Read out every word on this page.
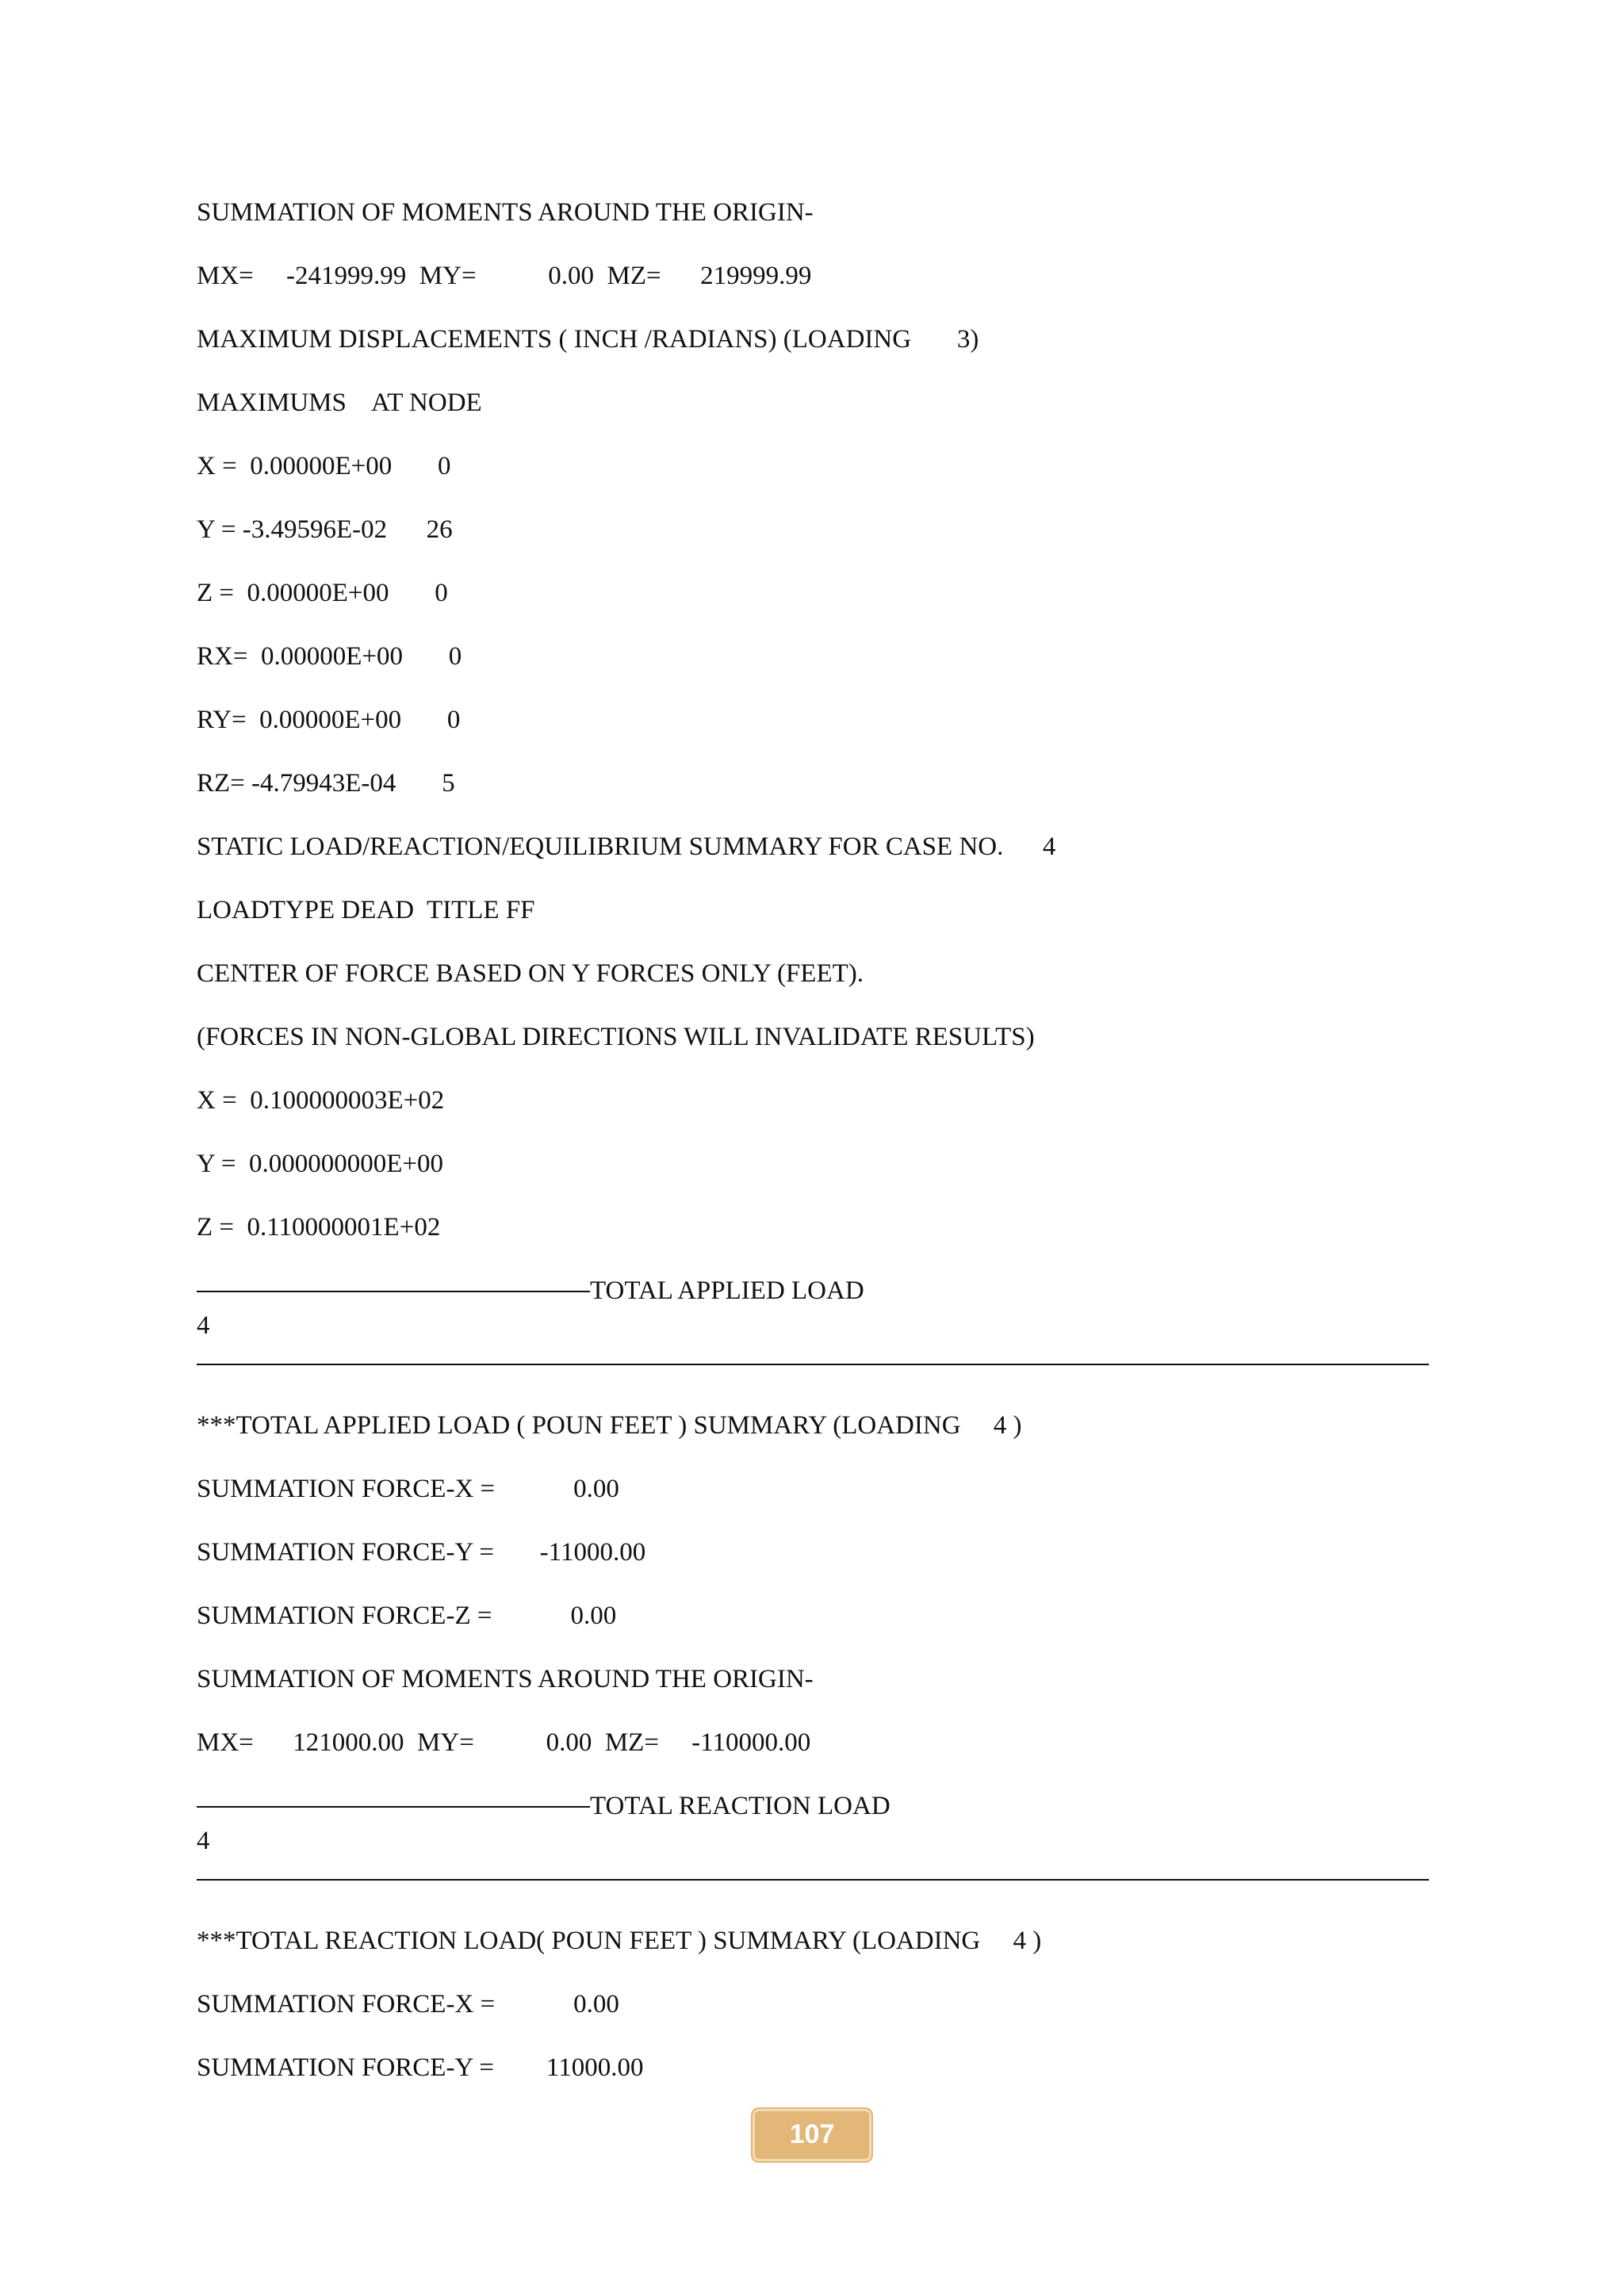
SUMMATION OF MOMENTS AROUND THE ORIGIN-
MX=     -241999.99  MY=           0.00  MZ=      219999.99
MAXIMUM DISPLACEMENTS ( INCH /RADIANS) (LOADING       3)
MAXIMUMS    AT NODE
X =  0.00000E+00       0
Y = -3.49596E-02      26
Z =  0.00000E+00       0
RX=  0.00000E+00       0
RY=  0.00000E+00       0
RZ= -4.79943E-04       5
STATIC LOAD/REACTION/EQUILIBRIUM SUMMARY FOR CASE NO.      4
LOADTYPE DEAD  TITLE FF
CENTER OF FORCE BASED ON Y FORCES ONLY (FEET).
(FORCES IN NON-GLOBAL DIRECTIONS WILL INVALIDATE RESULTS)
X =  0.100000003E+02
Y =  0.000000000E+00
Z =  0.110000001E+02
TOTAL APPLIED LOAD
4
***TOTAL APPLIED LOAD ( POUN FEET ) SUMMARY (LOADING     4 )
SUMMATION FORCE-X =            0.00
SUMMATION FORCE-Y =       -11000.00
SUMMATION FORCE-Z =            0.00
SUMMATION OF MOMENTS AROUND THE ORIGIN-
MX=      121000.00  MY=           0.00  MZ=     -110000.00
TOTAL REACTION LOAD
4
***TOTAL REACTION LOAD( POUN FEET ) SUMMARY (LOADING     4 )
SUMMATION FORCE-X =            0.00
SUMMATION FORCE-Y =        11000.00
107
